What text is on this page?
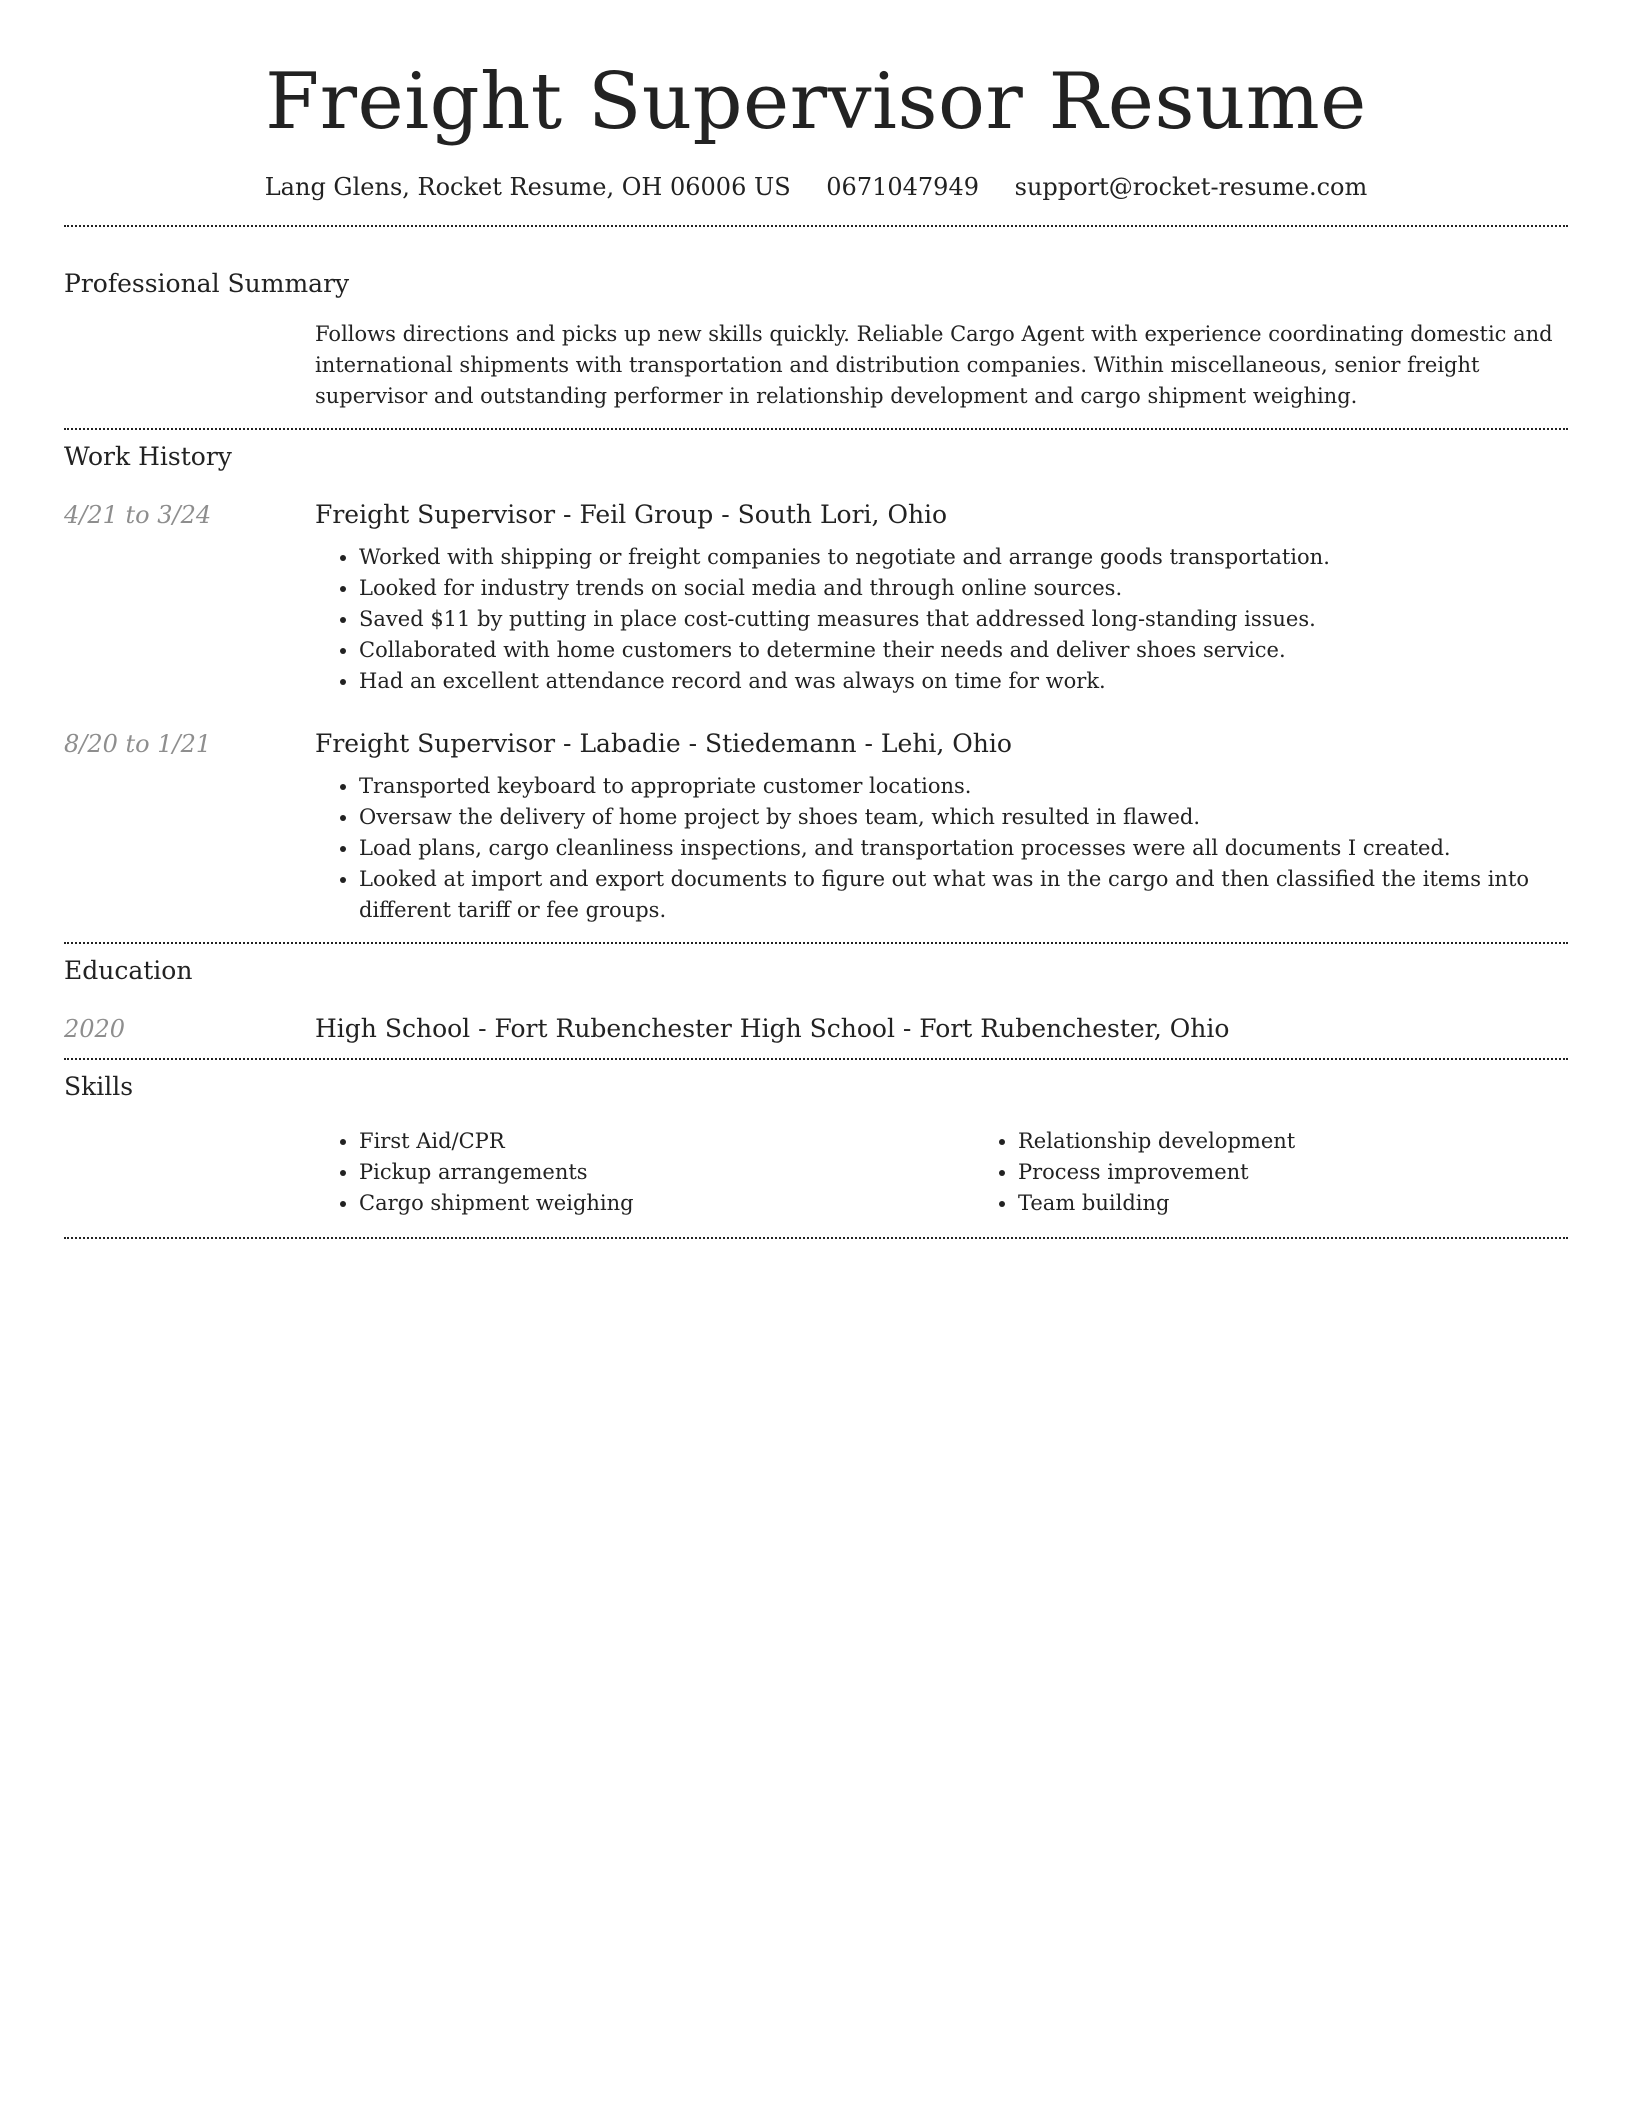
Freight Supervisor Resume
Lang Glens, Rocket Resume, OH 06006 US 0671047949 support@rocket-resume.com
Professional Summary
Follows directions and picks up new skills quickly. Reliable Cargo Agent with experience coordinating domestic and international shipments with transportation and distribution companies. Within miscellaneous, senior freight supervisor and outstanding performer in relationship development and cargo shipment weighing.
Work History
4/21 to 3/24	Freight Supervisor - Feil Group - South Lori, Ohio
• Worked with shipping or freight companies to negotiate and arrange goods transportation.
• Looked for industry trends on social media and through online sources.
• Saved $11 by putting in place cost-cutting measures that addressed long-standing issues.
• Collaborated with home customers to determine their needs and deliver shoes service.
• Had an excellent attendance record and was always on time for work.
8/20 to 1/21	Freight Supervisor - Labadie - Stiedemann - Lehi, Ohio
• Transported keyboard to appropriate customer locations.
• Oversaw the delivery of home project by shoes team, which resulted in flawed.
• Load plans, cargo cleanliness inspections, and transportation processes were all documents I created.
• Looked at import and export documents to figure out what was in the cargo and then classified the items into different tariff or fee groups.
Education
2020	High School - Fort Rubenchester High School - Fort Rubenchester, Ohio
Skills
• First Aid/CPR
• Pickup arrangements
• Cargo shipment weighing
• Relationship development
• Process improvement
• Team building
